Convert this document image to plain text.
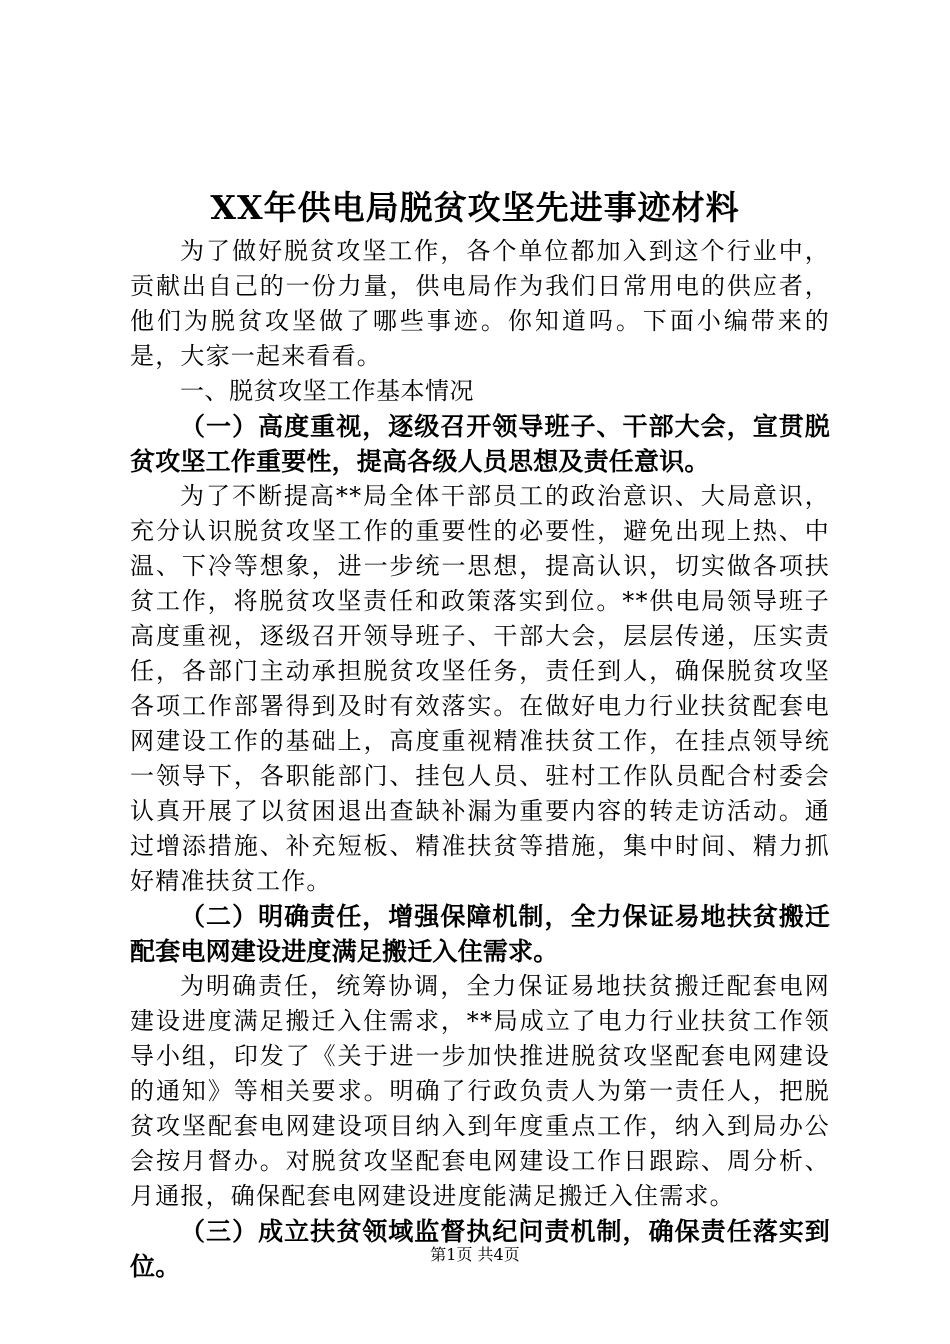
XX年供电局脱贫攻坚先进事迹材料

为了做好脱贫攻坚工作，各个单位都加入到这个行业中，贡献出自己的一份力量，供电局作为我们日常用电的供应者，他们为脱贫攻坚做了哪些事迹。你知道吗。下面小编带来的是，大家一起来看看。

一、脱贫攻坚工作基本情况

（一）高度重视，逐级召开领导班子、干部大会，宣贯脱贫攻坚工作重要性，提高各级人员思想及责任意识。

为了不断提高**局全体干部员工的政治意识、大局意识，充分认识脱贫攻坚工作的重要性的必要性，避免出现上热、中温、下冷等想象，进一步统一思想，提高认识，切实做各项扶贫工作，将脱贫攻坚责任和政策落实到位。**供电局领导班子高度重视，逐级召开领导班子、干部大会，层层传递，压实责任，各部门主动承担脱贫攻坚任务，责任到人，确保脱贫攻坚各项工作部署得到及时有效落实。在做好电力行业扶贫配套电网建设工作的基础上，高度重视精准扶贫工作，在挂点领导统一领导下，各职能部门、挂包人员、驻村工作队员配合村委会认真开展了以贫困退出查缺补漏为重要内容的转走访活动。通过增添措施、补充短板、精准扶贫等措施，集中时间、精力抓好精准扶贫工作。

（二）明确责任，增强保障机制，全力保证易地扶贫搬迁配套电网建设进度满足搬迁入住需求。

为明确责任，统筹协调，全力保证易地扶贫搬迁配套电网建设进度满足搬迁入住需求，**局成立了电力行业扶贫工作领导小组，印发了《关于进一步加快推进脱贫攻坚配套电网建设的通知》等相关要求。明确了行政负责人为第一责任人，把脱贫攻坚配套电网建设项目纳入到年度重点工作，纳入到局办公会按月督办。对脱贫攻坚配套电网建设工作日跟踪、周分析、月通报，确保配套电网建设进度能满足搬迁入住需求。

（三）成立扶贫领域监督执纪问责机制，确保责任落实到位。	第1页 共4页
